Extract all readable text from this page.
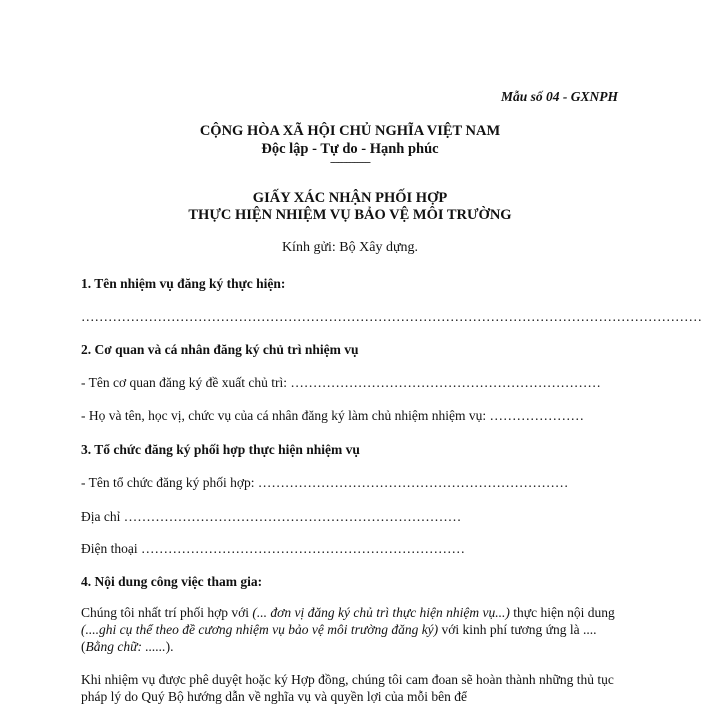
Mẫu số 04 - GXNPH
CỘNG HÒA XÃ HỘI CHỦ NGHĨA VIỆT NAM
Độc lập - Tự do - Hạnh phúc
---------------
GIẤY XÁC NHẬN PHỐI HỢP
THỰC HIỆN NHIỆM VỤ BẢO VỆ MÔI TRƯỜNG
Kính gửi: Bộ Xây dựng.
1. Tên nhiệm vụ đăng ký thực hiện:
…………………………………………………………………………………………………………………………
2. Cơ quan và cá nhân đăng ký chủ trì nhiệm vụ
- Tên cơ quan đăng ký đề xuất chủ trì: ……………………………………………………………
- Họ và tên, học vị, chức vụ của cá nhân đăng ký làm chủ nhiệm nhiệm vụ: …………………
3. Tổ chức đăng ký phối hợp thực hiện nhiệm vụ
- Tên tổ chức đăng ký phối hợp: ……………………………………………………………
Địa chỉ …………………………………………………………………
Điện thoại ………………………………………………………………
4. Nội dung công việc tham gia:
Chúng tôi nhất trí phối hợp với (... đơn vị đăng ký chủ trì thực hiện nhiệm vụ...) thực hiện nội dung (....ghi cụ thể theo đề cương nhiệm vụ bảo vệ môi trường đăng ký) với kinh phí tương ứng là .... (Bằng chữ: ......).
Khi nhiệm vụ được phê duyệt hoặc ký Hợp đồng, chúng tôi cam đoan sẽ hoàn thành những thủ tục pháp lý do Quý Bộ hướng dẫn về nghĩa vụ và quyền lợi của mỗi bên để
